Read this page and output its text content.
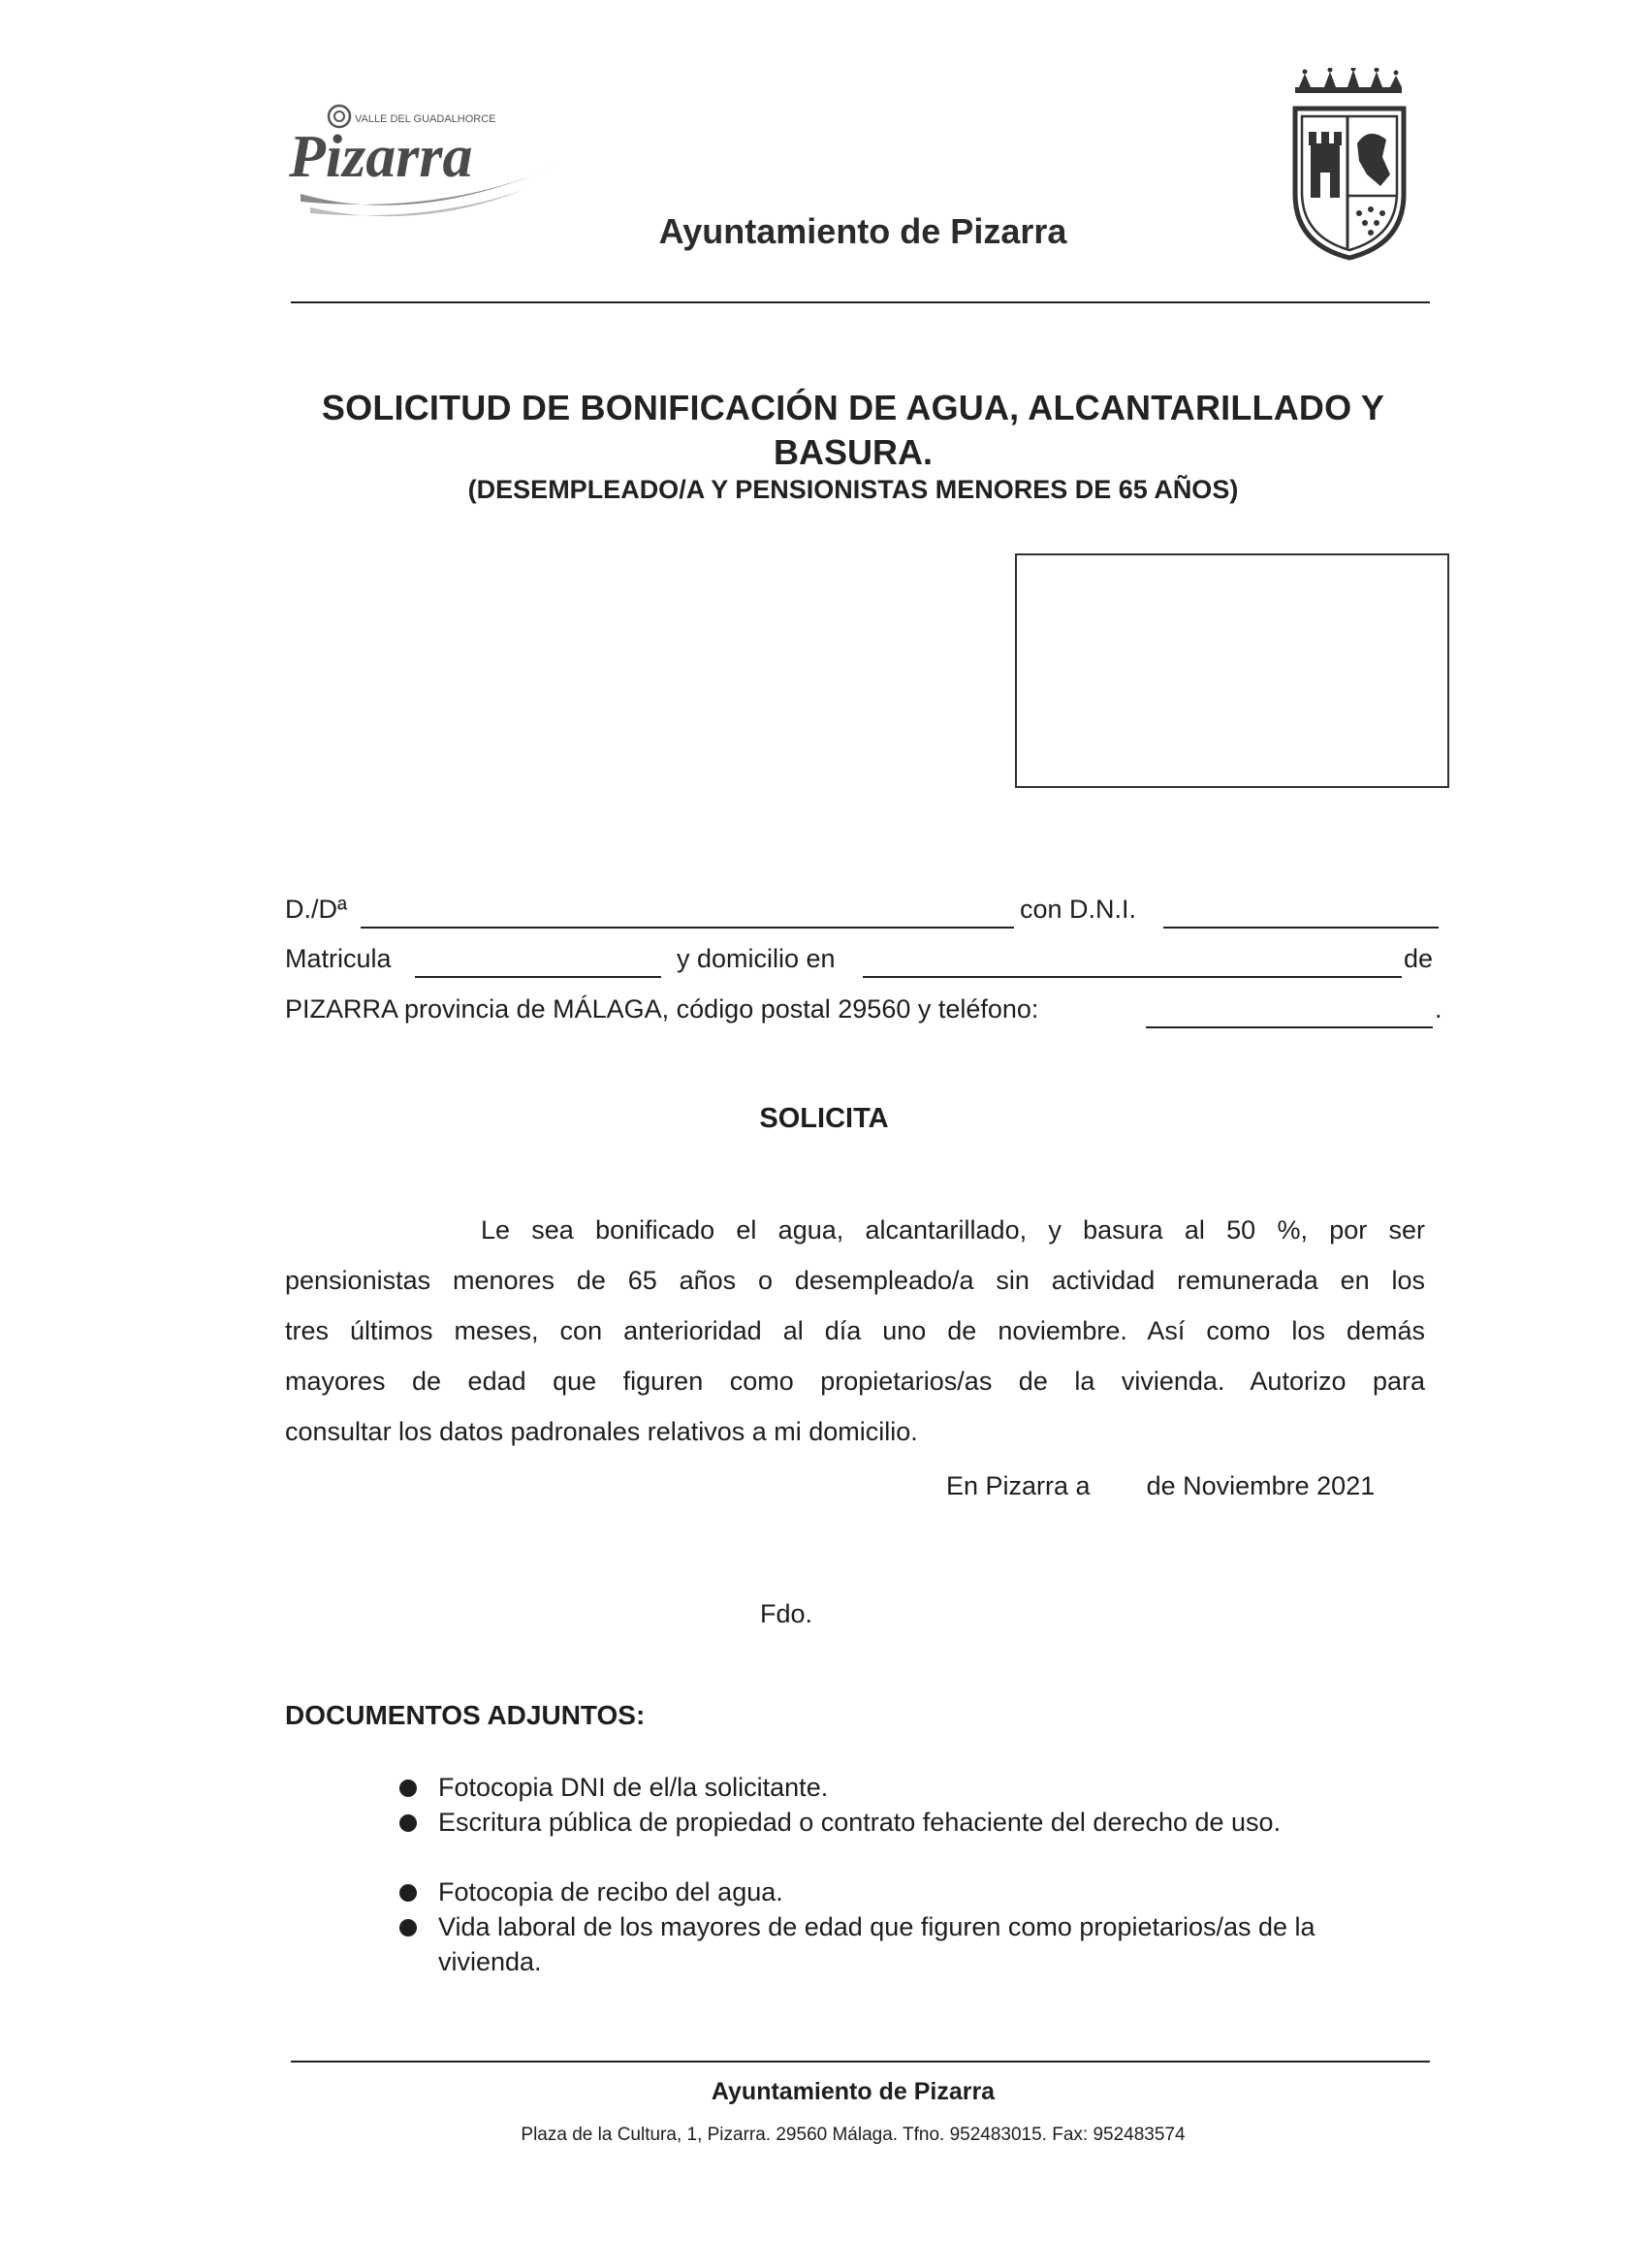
VALLE DEL GUADALHORCE
Pizarra
Ayuntamiento de Pizarra
SOLICITUD DE BONIFICACIÓN DE AGUA, ALCANTARILLADO Y
BASURA.
(DESEMPLEADO/A Y PENSIONISTAS MENORES DE 65 AÑOS)
D./Dª	con D.N.I.
Matricula	y domicilio en	de
PIZARRA provincia de MÁLAGA, código postal 29560 y teléfono:	.
SOLICITA
Le sea bonificado el agua, alcantarillado, y basura al 50 %, por ser
pensionistas menores de 65 años o desempleado/a sin actividad remunerada en los
tres últimos meses, con anterioridad al día uno de noviembre. Así como los demás
mayores de edad que figuren como propietarios/as de la vivienda. Autorizo para
consultar los datos padronales relativos a mi domicilio.
En Pizarra a de Noviembre 2021
Fdo.
DOCUMENTOS ADJUNTOS:
Fotocopia DNI de el/la solicitante.
Escritura pública de propiedad o contrato fehaciente del derecho de uso.
Fotocopia de recibo del agua.
Vida laboral de los mayores de edad que figuren como propietarios/as de la vivienda.
Ayuntamiento de Pizarra
Plaza de la Cultura, 1, Pizarra. 29560 Málaga. Tfno. 952483015. Fax: 952483574
